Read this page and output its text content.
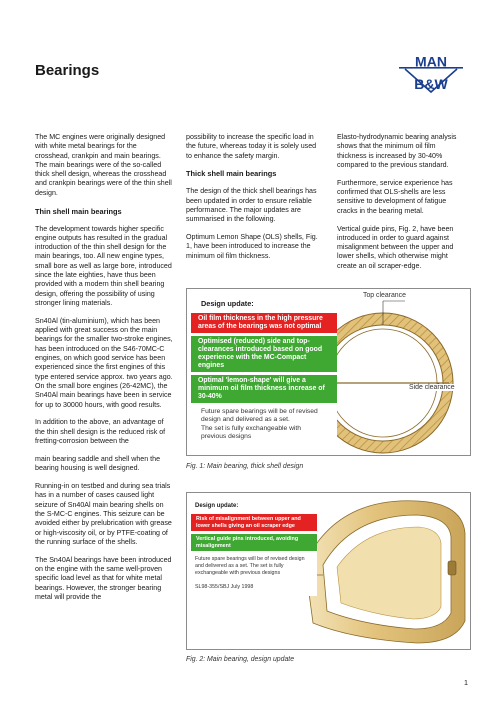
Bearings
MAN
B&W

The MC engines were originally designed with white metal bearings for the crosshead, crankpin and main bearings. The main bearings were of the so-called thick shell design, whereas the crosshead and crankpin bearings were of the thin shell design.

Thin shell main bearings

The development towards higher specific engine outputs has resulted in the gradual introduction of the thin shell design for the main bearings, too. All new engine types, small bore as well as large bore, introduced since the late eighties, have thus been provided with a modern thin shell bearing design, offering the possibility of using stronger lining materials.

Sn40Al (tin-aluminium), which has been applied with great success on the main bearings for the smaller two-stroke engines, has been introduced on the S46-70MC-C engines, on which good service has been experienced since the first engines of this type entered service approx. two years ago. On the small bore engines (26-42MC), the Sn40Al main bearings have been in service for up to 30000 hours, with good results.

In addition to the above, an advantage of the thin shell design is the reduced risk of fretting-corrosion between the

main bearing saddle and shell when the bearing housing is well designed.

Running-in on testbed and during sea trials has in a number of cases caused light seizure of Sn40Al main bearing shells on the S-MC-C engines. This seizure can be avoided either by prelubrication with grease or high-viscosity oil, or by PTFE-coating of the running surface of the shells.

The Sn40Al bearings have been introduced on the engine with the same well-proven specific load level as that for white metal bearings. However, the stronger bearing metal will provide the

possibility to increase the specific load in the future, whereas today it is solely used to enhance the safety margin.

Thick shell main bearings

The design of the thick shell bearings has been updated in order to ensure reliable performance. The major updates are summarised in the following.

Optimum Lemon Shape (OLS) shells, Fig. 1, have been introduced to increase the minimum oil film thickness.

Elasto-hydrodynamic bearing analysis shows that the minimum oil film thickness is increased by 30-40% compared to the previous standard.

Furthermore, service experience has confirmed that OLS-shells are less sensitive to development of fatigue cracks in the bearing metal.

Vertical guide pins, Fig. 2, have been introduced in order to guard against misalignment between the upper and lower shells, which otherwise might create an oil scraper-edge.

Top clearance
Side clearance
Design update:
Oil film thickness in the high pressure areas of the bearings was not optimal
Optimised (reduced) side and top-clearances introduced based on good experience with the MC-Compact engines
Optimal 'lemon-shape' will give a minimum oil film thickness increase of 30-40%
Future spare bearings will be of revised design and delivered as a set.
The set is fully exchangeable with previous designs
Fig. 1: Main bearing, thick shell design
Design update:
Risk of misalignment between upper and lower shells giving an oil scraper edge
Vertical guide pins introduced, avoiding misalignment
Future spare bearings will be of revised design and delivered as a set. The set is fully exchangeable with previous designs
SL98-355/SBJ July 1998
Fig. 2: Main bearing, design update
1
